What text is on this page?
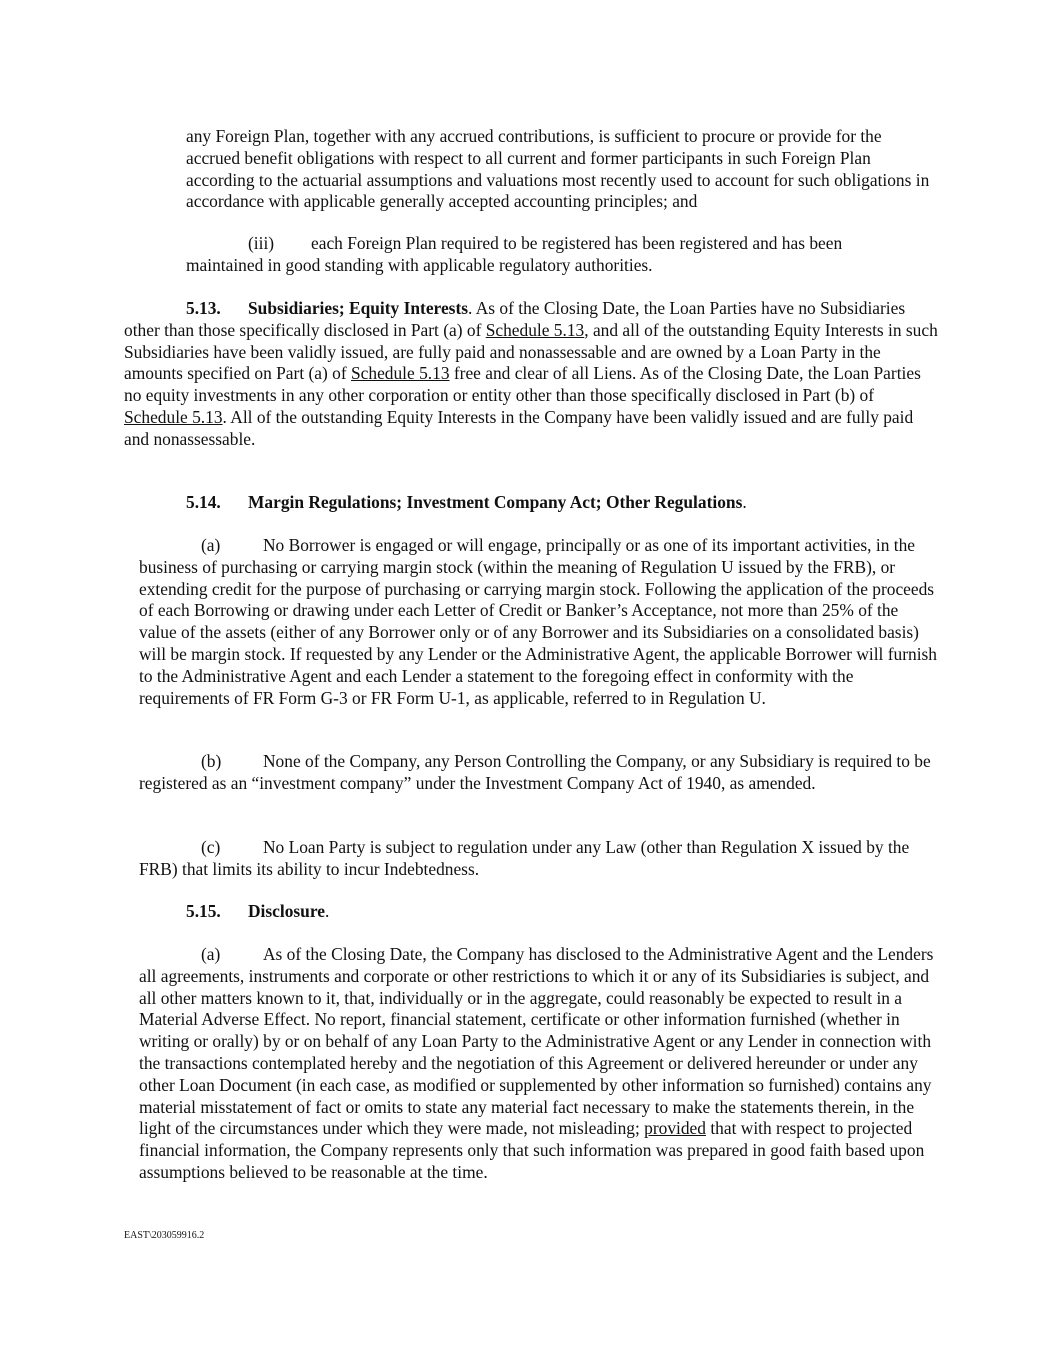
any Foreign Plan, together with any accrued contributions, is sufficient to procure or provide for the accrued benefit obligations with respect to all current and former participants in such Foreign Plan according to the actuarial assumptions and valuations most recently used to account for such obligations in accordance with applicable generally accepted accounting principles; and

(iii) each Foreign Plan required to be registered has been registered and has been
maintained in good standing with applicable regulatory authorities.

5.13. Subsidiaries; Equity Interests. As of the Closing Date, the Loan Parties have no Subsidiaries other than those specifically disclosed in Part (a) of Schedule 5.13, and all of the outstanding Equity Interests in such Subsidiaries have been validly issued, are fully paid and nonassessable and are owned by a Loan Party in the amounts specified on Part (a) of Schedule 5.13 free and clear of all Liens. As of the Closing Date, the Loan Parties no equity investments in any other corporation or entity other than those specifically disclosed in Part (b) of Schedule 5.13. All of the outstanding Equity Interests in the Company have been validly issued and are fully paid and nonassessable.

5.14. Margin Regulations; Investment Company Act; Other Regulations.

(a) No Borrower is engaged or will engage, principally or as one of its important activities, in the business of purchasing or carrying margin stock (within the meaning of Regulation U issued by the FRB), or extending credit for the purpose of purchasing or carrying margin stock. Following the application of the proceeds of each Borrowing or drawing under each Letter of Credit or Banker’s Acceptance, not more than 25% of the value of the assets (either of any Borrower only or of any Borrower and its Subsidiaries on a consolidated basis) will be margin stock. If requested by any Lender or the Administrative Agent, the applicable Borrower will furnish to the Administrative Agent and each Lender a statement to the foregoing effect in conformity with the requirements of FR Form G-3 or FR Form U-1, as applicable, referred to in Regulation U.

(b) None of the Company, any Person Controlling the Company, or any Subsidiary is required to be registered as an “investment company” under the Investment Company Act of 1940, as amended.

(c) No Loan Party is subject to regulation under any Law (other than Regulation X issued by the FRB) that limits its ability to incur Indebtedness.

5.15. Disclosure.

(a) As of the Closing Date, the Company has disclosed to the Administrative Agent and the Lenders all agreements, instruments and corporate or other restrictions to which it or any of its Subsidiaries is subject, and all other matters known to it, that, individually or in the aggregate, could reasonably be expected to result in a Material Adverse Effect. No report, financial statement, certificate or other information furnished (whether in writing or orally) by or on behalf of any Loan Party to the Administrative Agent or any Lender in connection with the transactions contemplated hereby and the negotiation of this Agreement or delivered hereunder or under any other Loan Document (in each case, as modified or supplemented by other information so furnished) contains any material misstatement of fact or omits to state any material fact necessary to make the statements therein, in the light of the circumstances under which they were made, not misleading; provided that with respect to projected financial information, the Company represents only that such information was prepared in good faith based upon assumptions believed to be reasonable at the time.

EAST\203059916.2
